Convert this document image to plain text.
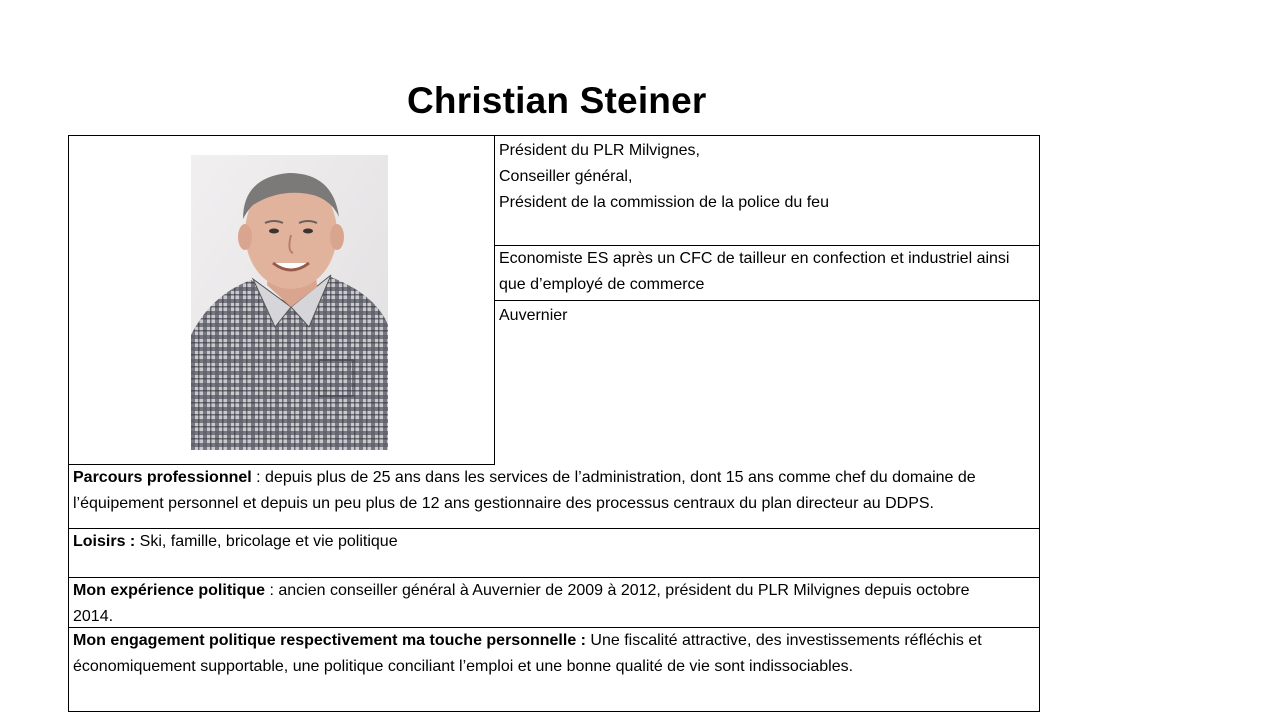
Christian Steiner
Président du PLR Milvignes,
Conseiller général,
Président de la commission de la police du feu
Economiste ES après un CFC de tailleur en confection et industriel ainsi
que d’employé de commerce
Auvernier
Parcours professionnel : depuis plus de 25 ans dans les services de l’administration, dont 15 ans comme chef du domaine de
l’équipement personnel et depuis un peu plus de 12 ans gestionnaire des processus centraux du plan directeur au DDPS.
Loisirs : Ski, famille, bricolage et vie politique
Mon expérience politique : ancien conseiller général à Auvernier de 2009 à 2012, président du PLR Milvignes depuis octobre
2014.
Mon engagement politique respectivement ma touche personnelle : Une fiscalité attractive, des investissements réfléchis et
économiquement supportable, une politique conciliant l’emploi et une bonne qualité de vie sont indissociables.
